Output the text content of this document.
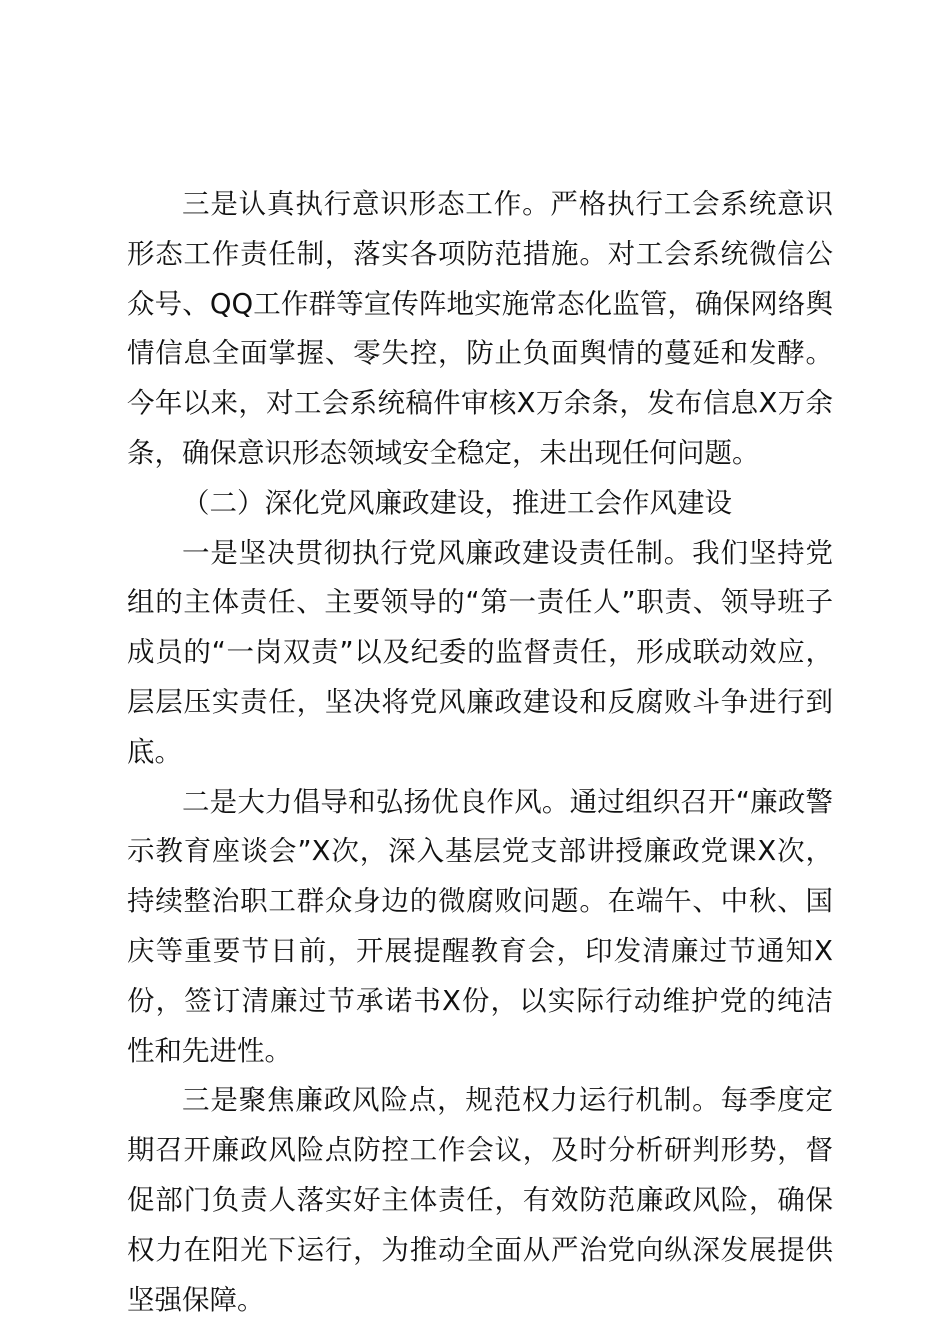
三是认真执行意识形态工作。严格执行工会系统意识形态工作责任制，落实各项防范措施。对工会系统微信公众号、QQ工作群等宣传阵地实施常态化监管，确保网络舆情信息全面掌握、零失控，防止负面舆情的蔓延和发酵。今年以来，对工会系统稿件审核X万余条，发布信息X万余条，确保意识形态领域安全稳定，未出现任何问题。

（二）深化党风廉政建设，推进工会作风建设

一是坚决贯彻执行党风廉政建设责任制。我们坚持党组的主体责任、主要领导的“第一责任人”职责、领导班子成员的“一岗双责”以及纪委的监督责任，形成联动效应，层层压实责任，坚决将党风廉政建设和反腐败斗争进行到底。

二是大力倡导和弘扬优良作风。通过组织召开“廉政警示教育座谈会”X次，深入基层党支部讲授廉政党课X次，持续整治职工群众身边的微腐败问题。在端午、中秋、国庆等重要节日前，开展提醒教育会，印发清廉过节通知X份，签订清廉过节承诺书X份，以实际行动维护党的纯洁性和先进性。

三是聚焦廉政风险点，规范权力运行机制。每季度定期召开廉政风险点防控工作会议，及时分析研判形势，督促部门负责人落实好主体责任，有效防范廉政风险，确保权力在阳光下运行，为推动全面从严治党向纵深发展提供坚强保障。
